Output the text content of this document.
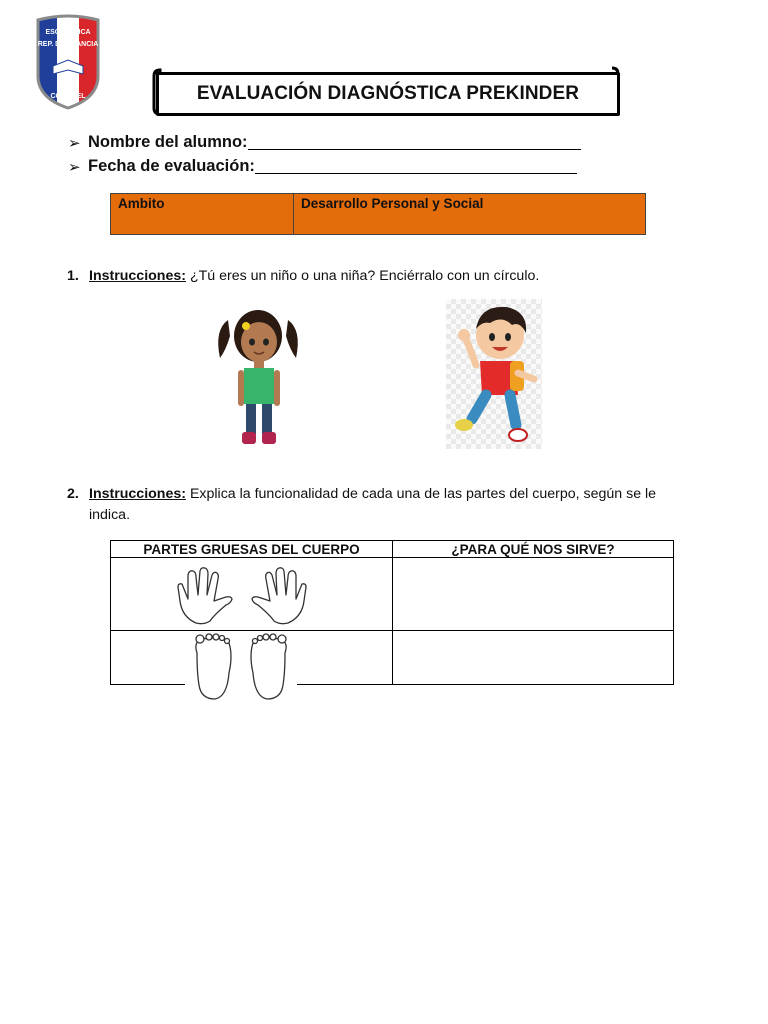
ESC. BASICA
REP. DE FRANCIA
E 654
CORONEL	EVALUACIÓN DIAGNÓSTICA PREKINDER
➢ Nombre del alumno:
➢ Fecha de evaluación:
Ambito	Desarrollo Personal y Social
1. Instrucciones: ¿Tú eres un niño o una niña? Enciérralo con un círculo.
2. Instrucciones: Explica la funcionalidad de cada una de las partes del cuerpo, según se le
indica.
PARTES GRUESAS DEL CUERPO	¿PARA QUÉ NOS SIRVE?
